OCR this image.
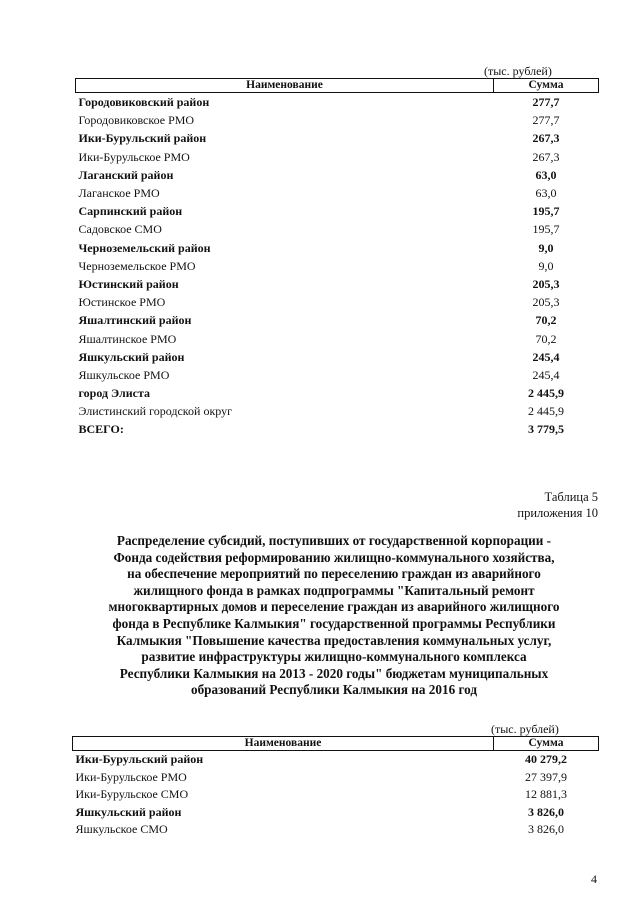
(тыс. рублей)
Наименование	Сумма
Городовиковский район	277,7
Городовиковское РМО	277,7
Ики-Бурульский район	267,3
Ики-Бурульское РМО	267,3
Лаганский район	63,0
Лаганское РМО	63,0
Сарпинский район	195,7
Садовское СМО	195,7
Черноземельский район	9,0
Черноземельское РМО	9,0
Юстинский район	205,3
Юстинское РМО	205,3
Яшалтинский район	70,2
Яшалтинское РМО	70,2
Яшкульский район	245,4
Яшкульское РМО	245,4
город Элиста	2 445,9
Элистинский городской округ	2 445,9
ВСЕГО:	3 779,5
Таблица 5
приложения 10
Распределение субсидий, поступивших от государственной корпорации -
Фонда содействия реформированию жилищно-коммунального хозяйства,
на обеспечение мероприятий по переселению граждан из аварийного
жилищного фонда в рамках подпрограммы "Капитальный ремонт
многоквартирных домов и переселение граждан из аварийного жилищного
фонда в Республике Калмыкия" государственной программы Республики
Калмыкия "Повышение качества предоставления коммунальных услуг,
развитие инфраструктуры жилищно-коммунального комплекса
Республики Калмыкия на 2013 - 2020 годы" бюджетам муниципальных
образований Республики Калмыкия на 2016 год
(тыс. рублей)
Наименование	Сумма
Ики-Бурульский район	40 279,2
Ики-Бурульское РМО	27 397,9
Ики-Бурульское СМО	12 881,3
Яшкульский район	3 826,0
Яшкульское СМО	3 826,0
4
